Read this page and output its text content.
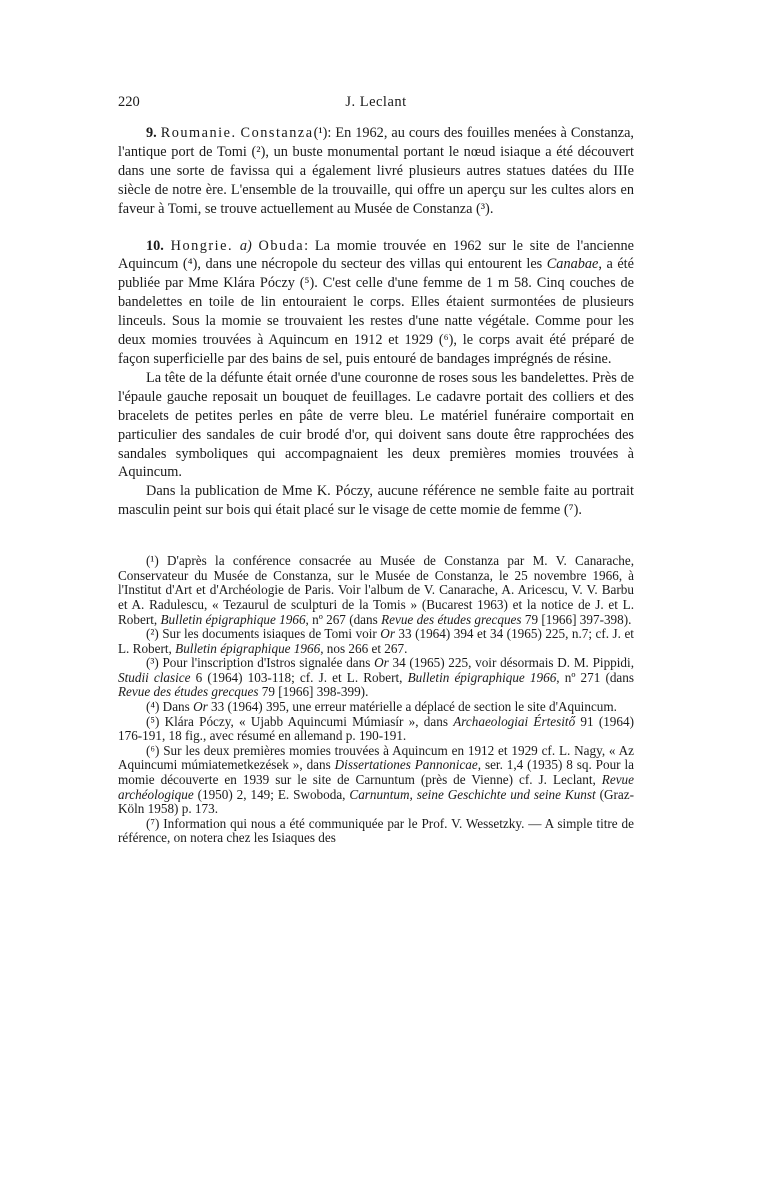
220	J. Leclant

9. Roumanie. Constanza(¹): En 1962, au cours des fouilles menées à Constanza, l'antique port de Tomi (²), un buste monumental portant le nœud isiaque a été découvert dans une sorte de favissa qui a également livré plusieurs autres statues datées du IIIe siècle de notre ère. L'ensemble de la trouvaille, qui offre un aperçu sur les cultes alors en faveur à Tomi, se trouve actuellement au Musée de Constanza (³).

10. Hongrie. a) Obuda: La momie trouvée en 1962 sur le site de l'ancienne Aquincum (⁴), dans une nécropole du secteur des villas qui entourent les Canabae, a été publiée par Mme Klára Póczy (⁵). C'est celle d'une femme de 1 m 58. Cinq couches de bandelettes en toile de lin entouraient le corps. Elles étaient surmontées de plusieurs linceuls. Sous la momie se trouvaient les restes d'une natte végétale. Comme pour les deux momies trouvées à Aquincum en 1912 et 1929 (⁶), le corps avait été préparé de façon superficielle par des bains de sel, puis entouré de bandages imprégnés de résine.

La tête de la défunte était ornée d'une couronne de roses sous les bandelettes. Près de l'épaule gauche reposait un bouquet de feuillages. Le cadavre portait des colliers et des bracelets de petites perles en pâte de verre bleu. Le matériel funéraire comportait en particulier des sandales de cuir brodé d'or, qui doivent sans doute être rapprochées des sandales symboliques qui accompagnaient les deux premières momies trouvées à Aquincum.

Dans la publication de Mme K. Póczy, aucune référence ne semble faite au portrait masculin peint sur bois qui était placé sur le visage de cette momie de femme (⁷).

(¹) D'après la conférence consacrée au Musée de Constanza par M. V. Canarache, Conservateur du Musée de Constanza, sur le Musée de Constanza, le 25 novembre 1966, à l'Institut d'Art et d'Archéologie de Paris. Voir l'album de V. Canarache, A. Aricescu, V. V. Barbu et A. Radulescu, « Tezaurul de sculpturi de la Tomis » (Bucarest 1963) et la notice de J. et L. Robert, Bulletin épigraphique 1966, nº 267 (dans Revue des études grecques 79 [1966] 397-398).

(²) Sur les documents isiaques de Tomi voir Or 33 (1964) 394 et 34 (1965) 225, n.7; cf. J. et L. Robert, Bulletin épigraphique 1966, nos 266 et 267.

(³) Pour l'inscription d'Istros signalée dans Or 34 (1965) 225, voir désormais D. M. Pippidi, Studii clasice 6 (1964) 103-118; cf. J. et L. Robert, Bulletin épigraphique 1966, nº 271 (dans Revue des études grecques 79 [1966] 398-399).

(⁴) Dans Or 33 (1964) 395, une erreur matérielle a déplacé de section le site d'Aquincum.

(⁵) Klára Póczy, « Ujabb Aquincumi Múmiasír », dans Archaeologiai Értesitő 91 (1964) 176-191, 18 fig., avec résumé en allemand p. 190-191.

(⁶) Sur les deux premières momies trouvées à Aquincum en 1912 et 1929 cf. L. Nagy, « Az Aquincumi múmiatemetkezések », dans Dissertationes Pannonicae, ser. 1,4 (1935) 8 sq. Pour la momie découverte en 1939 sur le site de Carnuntum (près de Vienne) cf. J. Leclant, Revue archéologique (1950) 2, 149; E. Swoboda, Carnuntum, seine Geschichte und seine Kunst (Graz-Köln 1958) p. 173.

(⁷) Information qui nous a été communiquée par le Prof. V. Wessetzky. — A simple titre de référence, on notera chez les Isiaques des
